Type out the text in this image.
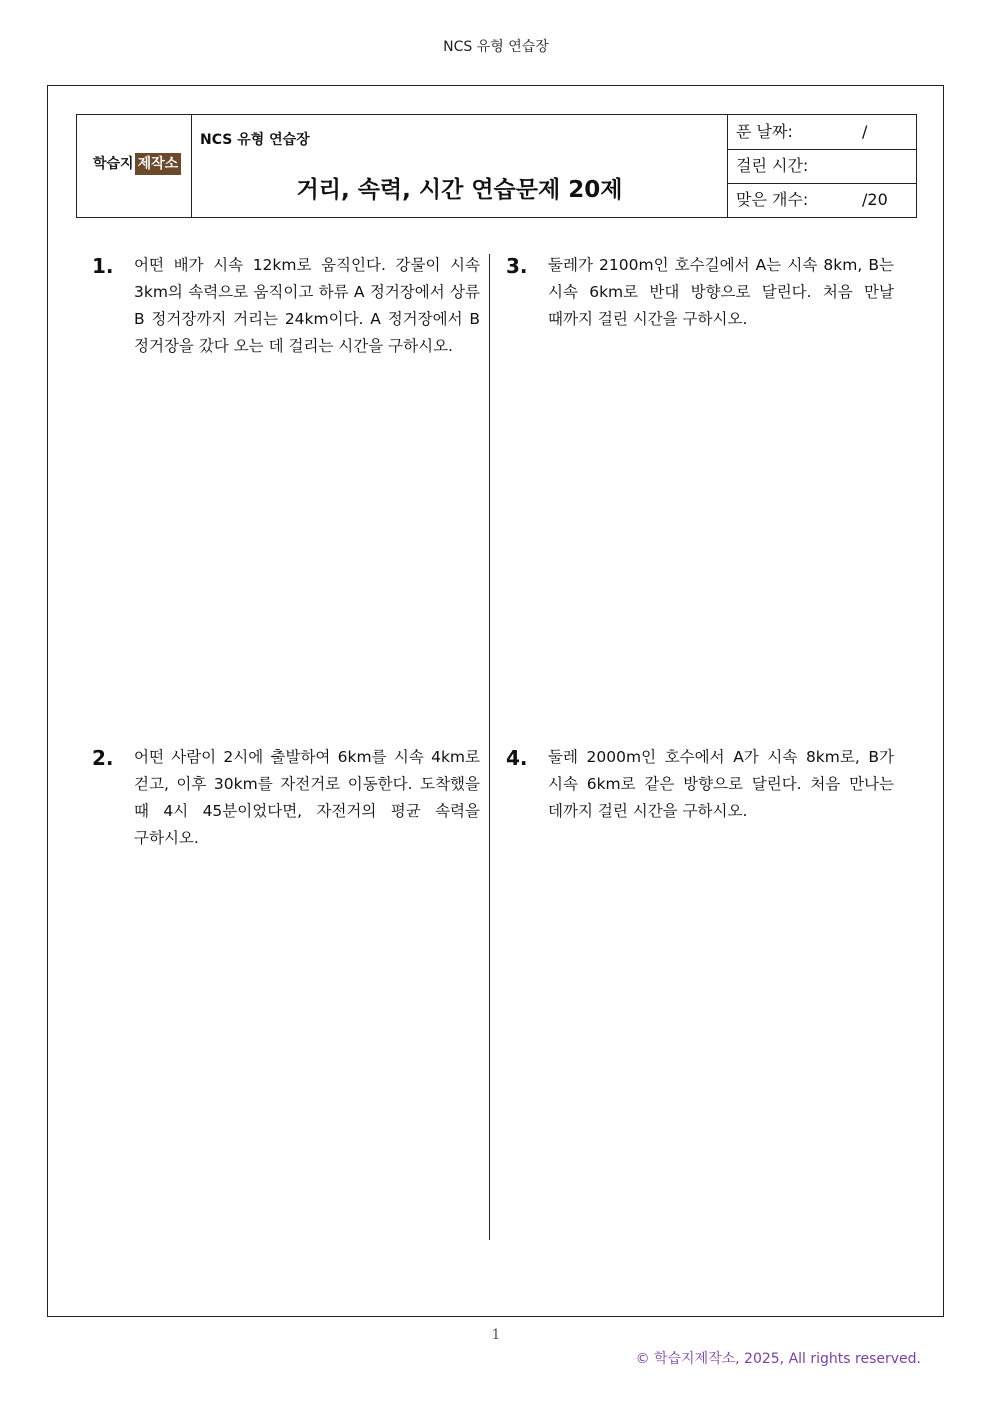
NCS 유형 연습장
학습지 제작소
NCS 유형 연습장
거리, 속력, 시간 연습문제 20제
푼 날짜:	/
걸린 시간:
맞은 개수:	/20
1. 어떤 배가 시속 12km로 움직인다. 강물이 시속 3km의 속력으로 움직이고 하류 A 정거장에서 상류 B 정거장까지 거리는 24km이다. A 정거장에서 B 정거장을 갔다 오는 데 걸리는 시간을 구하시오.
2. 어떤 사람이 2시에 출발하여 6km를 시속 4km로 걷고, 이후 30km를 자전거로 이동한다. 도착했을 때 4시 45분이었다면, 자전거의 평균 속력을 구하시오.
3. 둘레가 2100m인 호수길에서 A는 시속 8km, B는 시속 6km로 반대 방향으로 달린다. 처음 만날 때까지 걸린 시간을 구하시오.
4. 둘레 2000m인 호수에서 A가 시속 8km로, B가 시속 6km로 같은 방향으로 달린다. 처음 만나는 데까지 걸린 시간을 구하시오.
1
© 학습지제작소, 2025, All rights reserved.
